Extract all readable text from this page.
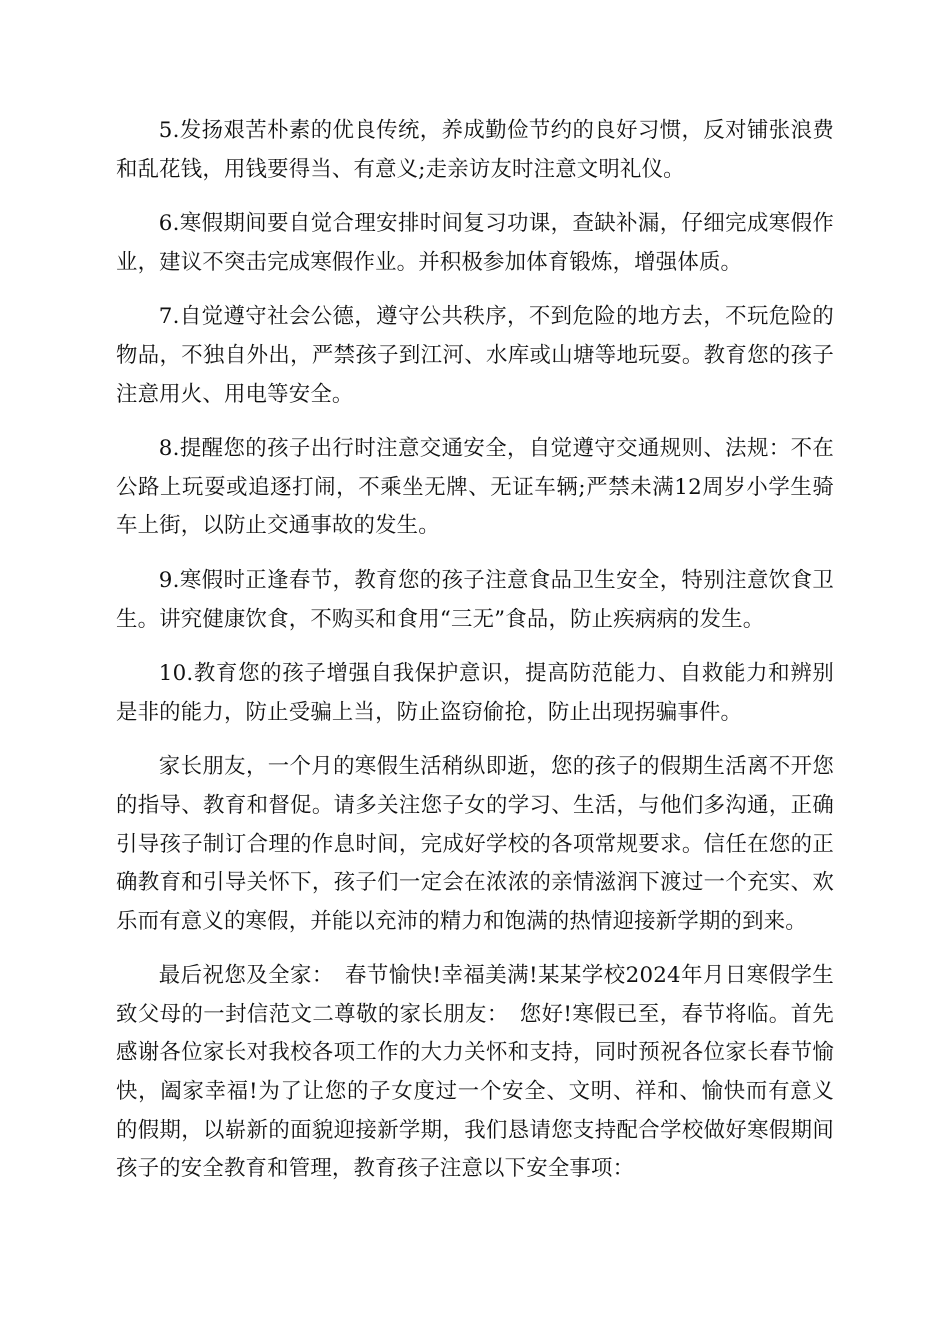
5.发扬艰苦朴素的优良传统，养成勤俭节约的良好习惯，反对铺张浪费和乱花钱，用钱要得当、有意义;走亲访友时注意文明礼仪。

6.寒假期间要自觉合理安排时间复习功课，查缺补漏，仔细完成寒假作业，建议不突击完成寒假作业。并积极参加体育锻炼，增强体质。

7.自觉遵守社会公德，遵守公共秩序，不到危险的地方去，不玩危险的物品，不独自外出，严禁孩子到江河、水库或山塘等地玩耍。教育您的孩子注意用火、用电等安全。

8.提醒您的孩子出行时注意交通安全，自觉遵守交通规则、法规：不在公路上玩耍或追逐打闹，不乘坐无牌、无证车辆;严禁未满12周岁小学生骑车上街，以防止交通事故的发生。

9.寒假时正逢春节，教育您的孩子注意食品卫生安全，特别注意饮食卫生。讲究健康饮食，不购买和食用“三无”食品，防止疾病病的发生。

10.教育您的孩子增强自我保护意识，提高防范能力、自救能力和辨别是非的能力，防止受骗上当，防止盗窃偷抢，防止出现拐骗事件。

家长朋友，一个月的寒假生活稍纵即逝，您的孩子的假期生活离不开您的指导、教育和督促。请多关注您子女的学习、生活，与他们多沟通，正确引导孩子制订合理的作息时间，完成好学校的各项常规要求。信任在您的正确教育和引导关怀下，孩子们一定会在浓浓的亲情滋润下渡过一个充实、欢乐而有意义的寒假，并能以充沛的精力和饱满的热情迎接新学期的到来。

最后祝您及全家：　春节愉快!幸福美满!某某学校2024年月日寒假学生致父母的一封信范文二尊敬的家长朋友：　您好!寒假已至，春节将临。首先感谢各位家长对我校各项工作的大力关怀和支持，同时预祝各位家长春节愉快，阖家幸福!为了让您的子女度过一个安全、文明、祥和、愉快而有意义的假期，以崭新的面貌迎接新学期，我们恳请您支持配合学校做好寒假期间孩子的安全教育和管理，教育孩子注意以下安全事项：
